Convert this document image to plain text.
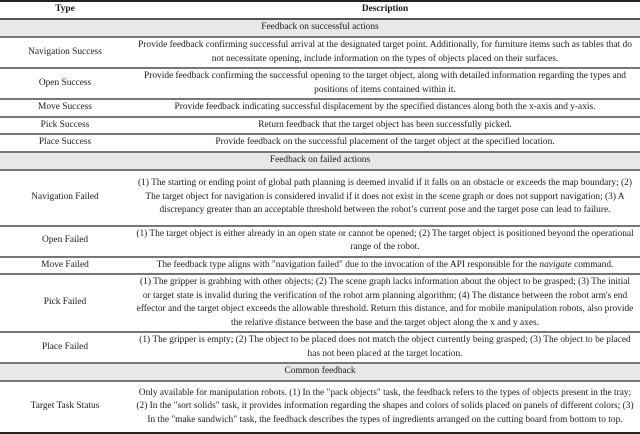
Type	Description
Feedback on successful actions	
Navigation Success	Provide feedback confirming successful arrival at the designated target point. Additionally, for furniture items such as tables that do not necessitate opening, include information on the types of objects placed on their surfaces.
Open Success	Provide feedback confirming the successful opening to the target object, along with detailed information regarding the types and positions of items contained within it.
Move Success	Provide feedback indicating successful displacement by the specified distances along both the x-axis and y-axis.
Pick Success	Return feedback that the target object has been successfully picked.
Place Success	Provide feedback on the successful placement of the target object at the specified location.
Feedback on failed actions	
Navigation Failed	(1) The starting or ending point of global path planning is deemed invalid if it falls on an obstacle or exceeds the map boundary; (2) The target object for navigation is considered invalid if it does not exist in the scene graph or does not support navigation; (3) A discrepancy greater than an acceptable threshold between the robot’s current pose and the target pose can lead to failure.
Open Failed	(1) The target object is either already in an open state or cannot be opened; (2) The target object is positioned beyond the operational range of the robot.
Move Failed	The feedback type aligns with "navigation failed" due to the invocation of the API responsible for the navigate command.
Pick Failed	(1) The gripper is grabbing with other objects; (2) The scene graph lacks information about the object to be grasped; (3) The initial or target state is invalid during the verification of the robot arm planning algorithm; (4) The distance between the robot arm's end effector and the target object exceeds the allowable threshold. Return this distance, and for mobile manipulation robots, also provide the relative distance between the base and the target object along the x and y axes.
Place Failed	(1) The gripper is empty; (2) The object to be placed does not match the object currently being grasped; (3) The object to be placed has not been placed at the target location.
Common feedback	
Target Task Status	Only available for manipulation robots. (1) In the "pack objects" task, the feedback refers to the types of objects present in the tray; (2) In the "sort solids" task, it provides information regarding the shapes and colors of solids placed on panels of different colors; (3) In the "make sandwich" task, the feedback describes the types of ingredients arranged on the cutting board from bottom to top.
